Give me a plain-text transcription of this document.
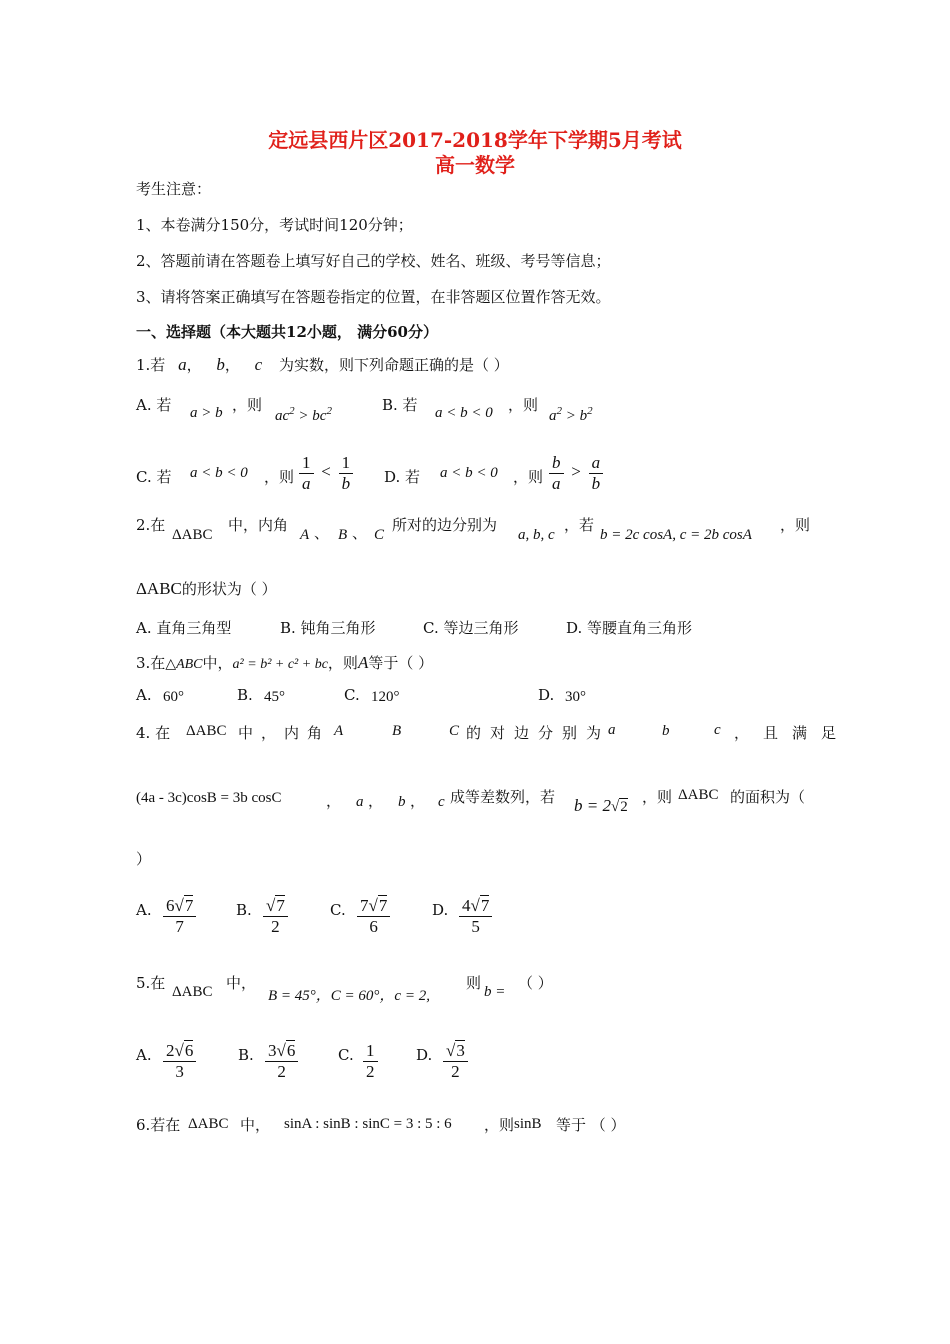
定远县西片区2017-2018学年下学期5月考试
高一数学
考生注意：
1、本卷满分150分，考试时间120分钟；
2、答题前请在答题卷上填写好自己的学校、姓名、班级、考号等信息；
3、请将答案正确填写在答题卷指定的位置，在非答题区位置作答无效。
一、选择题（本大题共12小题， 满分60分）
1.若 a， b， c 为实数，则下列命题正确的是（ ）
A. 若 a > b ，则
$ac^2 > bc^2$	B. 若 a < b < 0 ，则
$a^2 > b^2$
C. 若 a < b < 0 ，则 $\frac{1}{a} < \frac{1}{b} D$. 若 a < b < 0 ，则 $\frac{b}{a} > \frac{a}{b}$
2.在
ΔABC
中，内角
A 、 B 、 C
所对的边分别为
a, b, c
，若
b = 2c cosA, c = 2b cosA
，则
ΔABC的形状为（ ）
A. 直角三角型	B. 钝角三角形	C. 等边三角形	D. 等腰直角三角形
3.在△ABC中，a² = b² + c² + bc，则A等于（ ）
A. 60°	B. 45°	C. 120°	D. 30°
4. 在 ΔABC 中，内角 A	B	C 的对边分别为
a	b	c ，且满足
(4a - 3c)cosB = 3b cosC	， a ， b ， c 成等差数列，若 b = 2√2
，则 ΔABC 的面积为（
）
A. $\frac{6√7}{7}$	B. $\frac{√7}{2}$	C. $\frac{7√7}{6}$	D. $\frac{4√7}{5}$
5.在 ΔABC 中，
B = 45°，C = 60°，c = 2,
则 b = （ ）
A. $\frac{2√6}{3}$	B. $\frac{3√6}{2}$	C. $\frac{1}{2}$	D. $\frac{√3}{2}$
6.若在 ΔABC 中， sinA : sinB : sinC = 3 : 5 : 6 ，则 sinB 等于 （ ）
